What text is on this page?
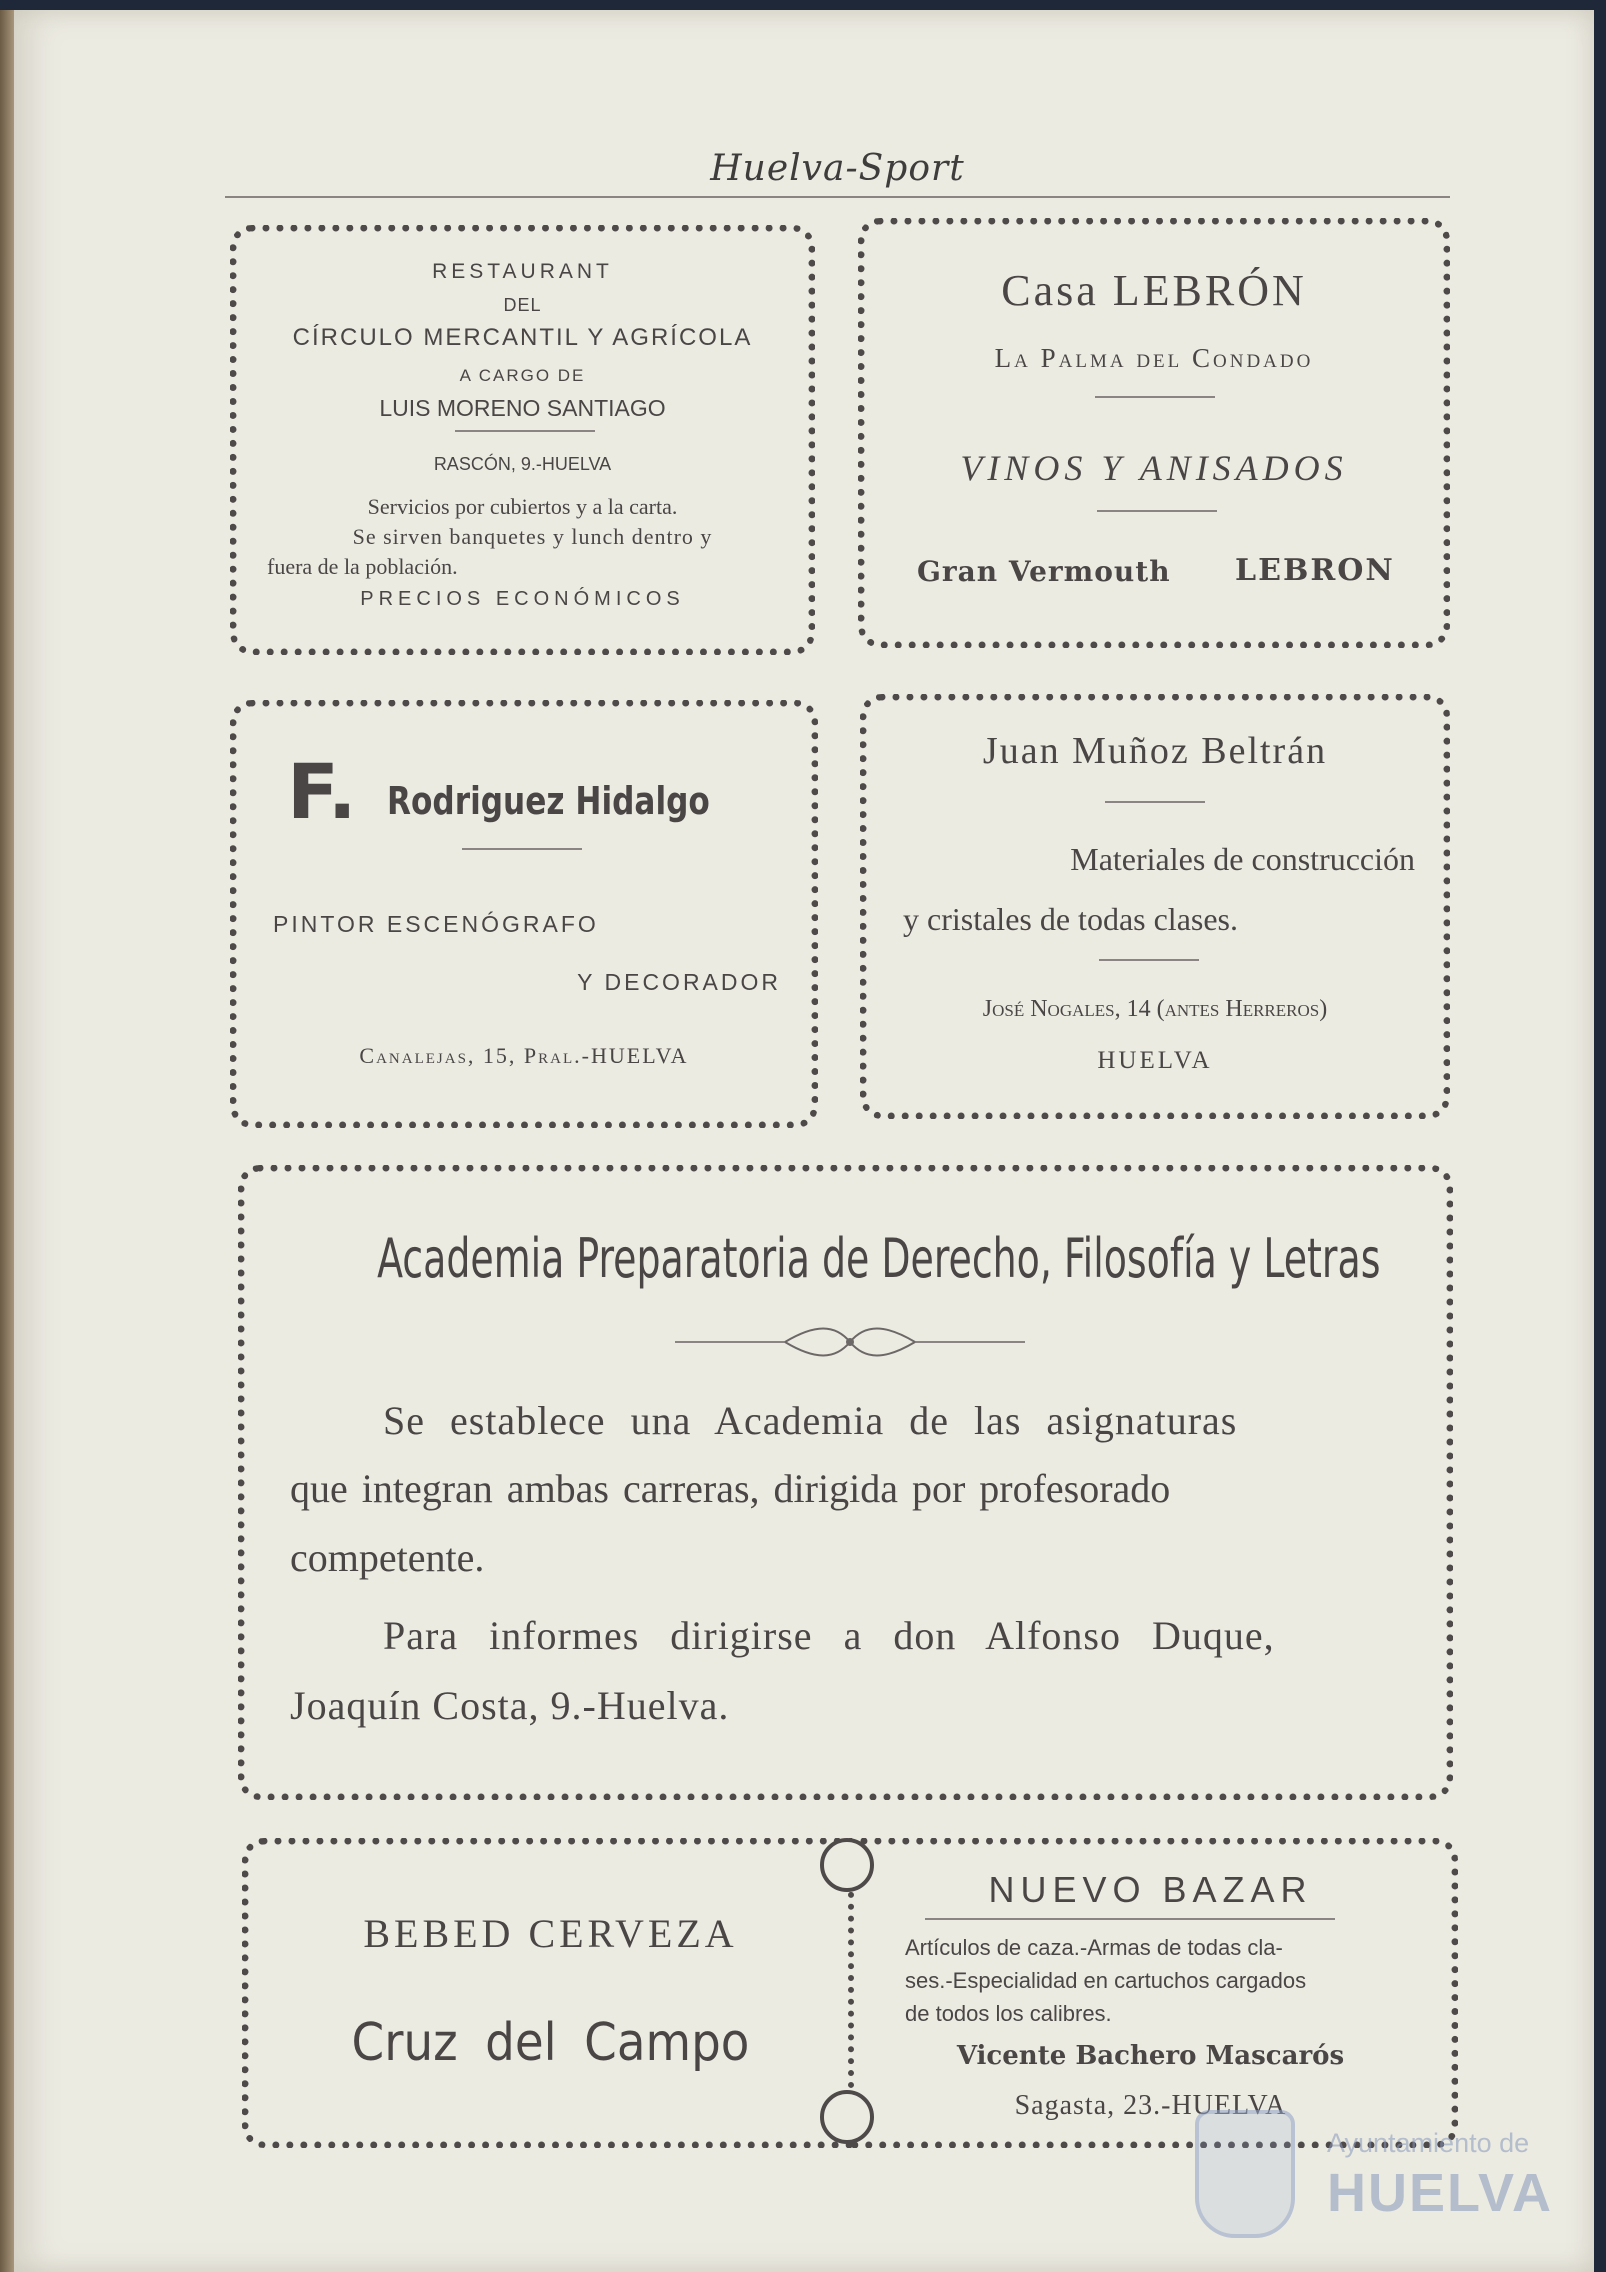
Huelva-Sport
RESTAURANT
DEL
CÍRCULO MERCANTIL Y AGRÍCOLA
A CARGO DE
LUIS MORENO SANTIAGO
RASCÓN, 9.-HUELVA
Servicios por cubiertos y a la carta.
Se sirven banquetes y lunch dentro y
fuera de la población.
PRECIOS ECONÓMICOS
Casa LEBRÓN
La Palma del Condado
VINOS Y ANISADOS
Gran Vermouth LEBRON
F. Rodriguez Hidalgo
PINTOR ESCENÓGRAFO
Y DECORADOR
Canalejas, 15, Pral.-HUELVA
Juan Muñoz Beltrán
Materiales de construcción
y cristales de todas clases.
José Nogales, 14 (antes Herreros)
HUELVA
Academia Preparatoria de Derecho, Filosofía y Letras
Se establece una Academia de las asignaturas
que integran ambas carreras, dirigida por profesorado
competente.
Para informes dirigirse a don Alfonso Duque,
Joaquín Costa, 9.-Huelva.
BEBED CERVEZA
Cruz del Campo
NUEVO BAZAR
Artículos de caza.-Armas de todas cla-
ses.-Especialidad en cartuchos cargados
de todos los calibres.
Vicente Bachero Mascarós
Sagasta, 23.-HUELVA
Ayuntamiento de
HUELVA
